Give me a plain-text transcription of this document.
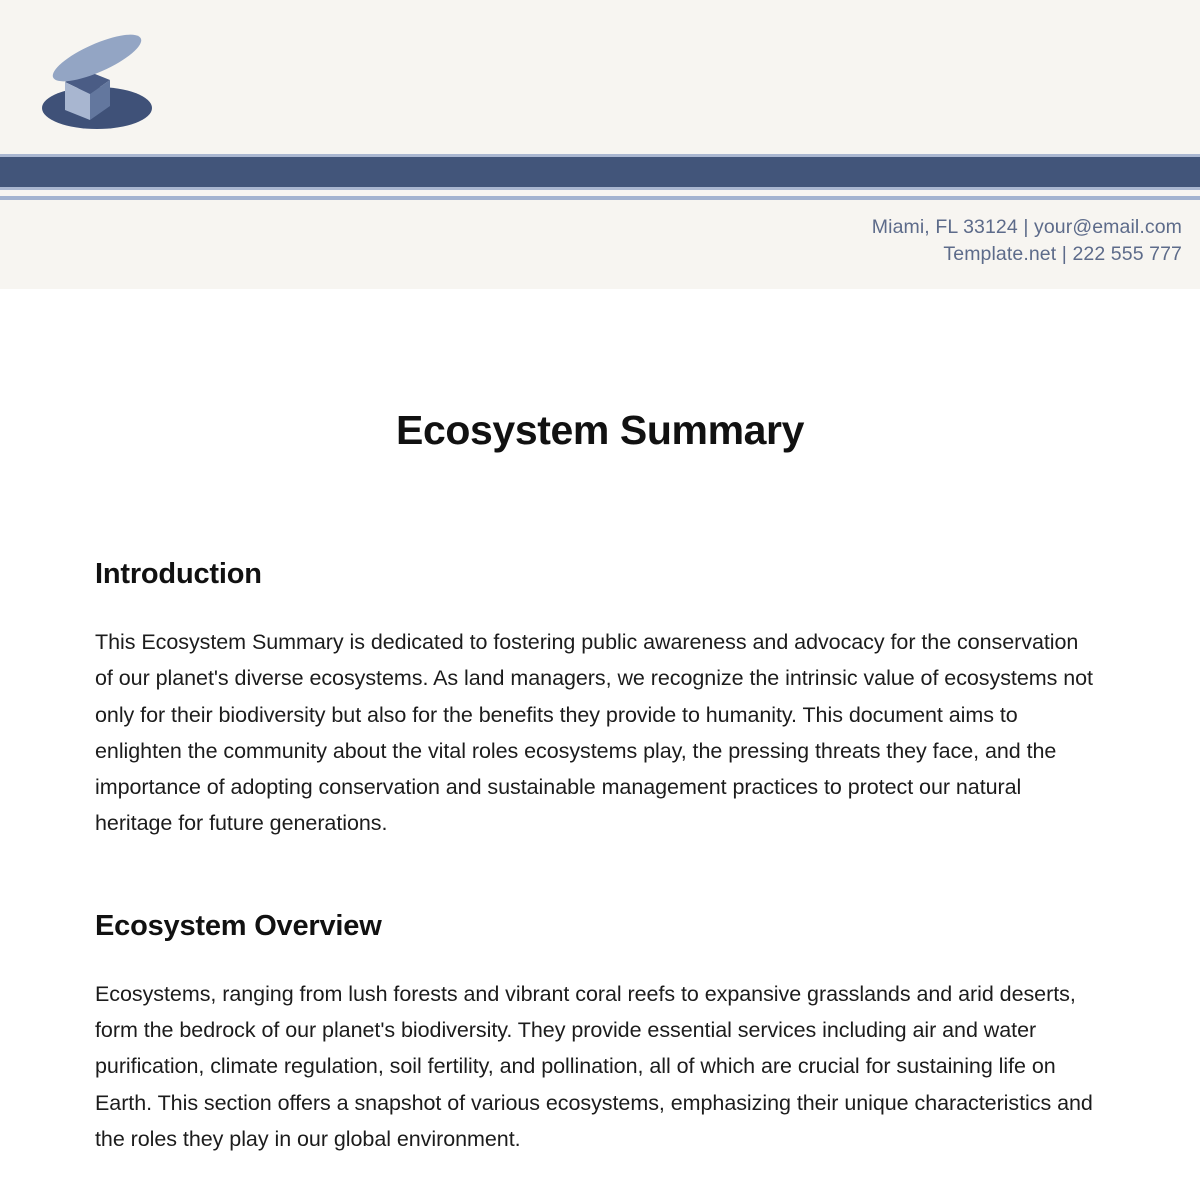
Miami, FL 33124 | your@email.com
Template.net | 222 555 777
Ecosystem Summary
Introduction

This Ecosystem Summary is dedicated to fostering public awareness and advocacy for the conservation of our planet's diverse ecosystems. As land managers, we recognize the intrinsic value of ecosystems not only for their biodiversity but also for the benefits they provide to humanity. This document aims to enlighten the community about the vital roles ecosystems play, the pressing threats they face, and the importance of adopting conservation and sustainable management practices to protect our natural heritage for future generations.

Ecosystem Overview

Ecosystems, ranging from lush forests and vibrant coral reefs to expansive grasslands and arid deserts, form the bedrock of our planet's biodiversity. They provide essential services including air and water purification, climate regulation, soil fertility, and pollination, all of which are crucial for sustaining life on Earth. This section offers a snapshot of various ecosystems, emphasizing their unique characteristics and the roles they play in our global environment.
